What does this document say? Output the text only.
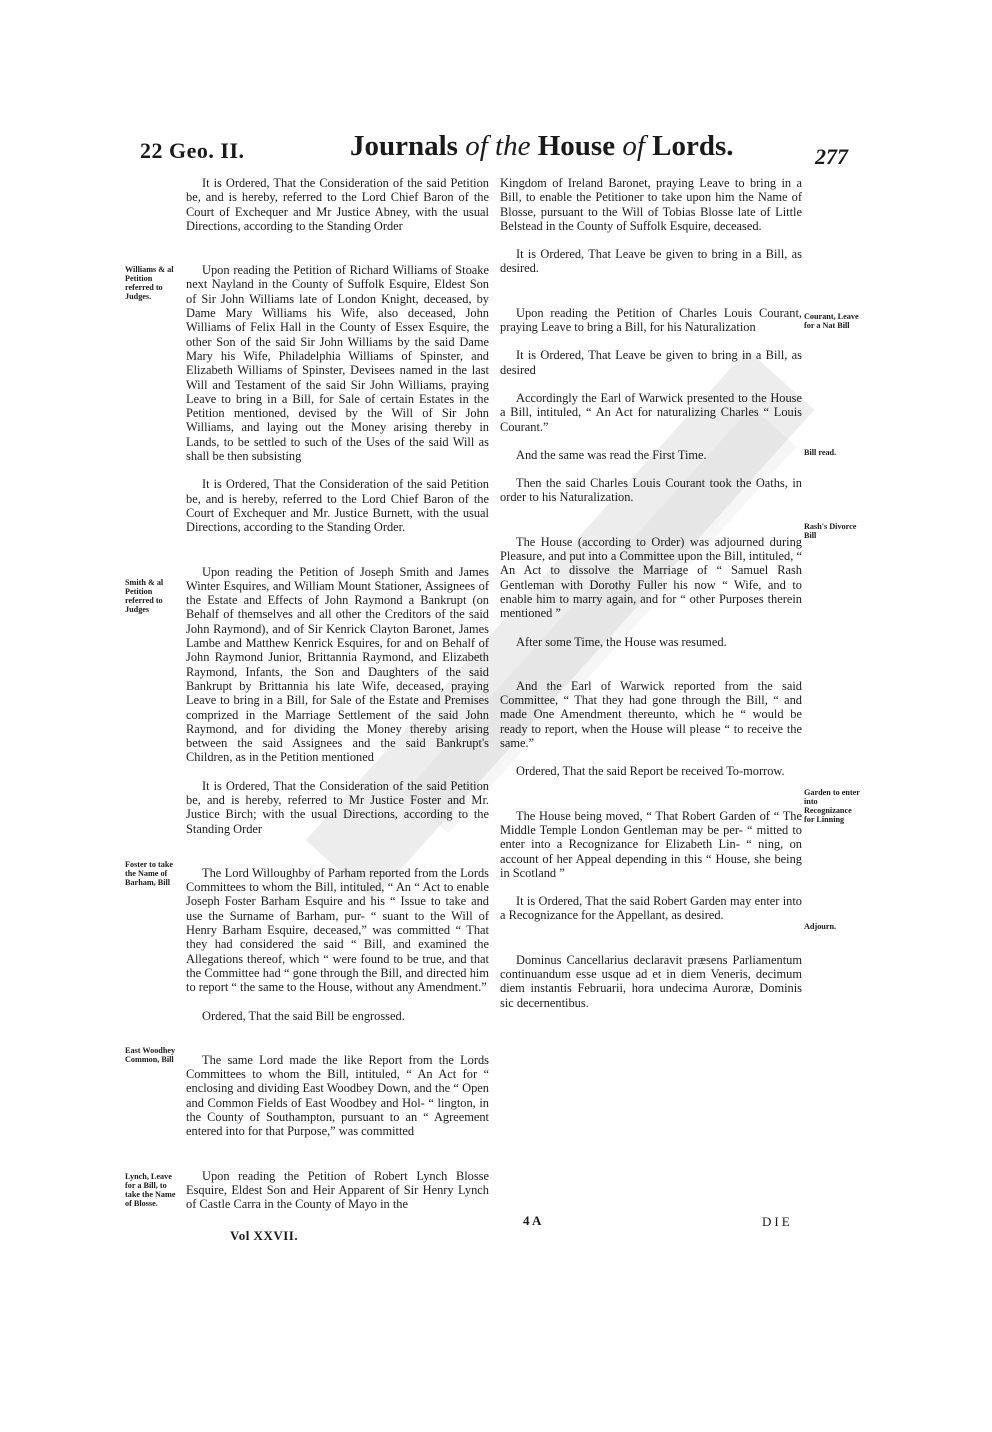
22 Geo. II.	Journals of the House of Lords.	277

It is Ordered, That the Consideration of the said Petition be, and is hereby, referred to the Lord Chief Baron of the Court of Exchequer and Mr Justice Abney, with the usual Directions, according to the Standing Order

Upon reading the Petition of Richard Williams of Stoake next Nayland in the County of Suffolk Esquire, Eldest Son of Sir John Williams late of London Knight, deceased, by Dame Mary Williams his Wife, also deceased, John Williams of Felix Hall in the County of Essex Esquire, the other Son of the said Sir John Williams by the said Dame Mary his Wife, Philadelphia Williams of Spinster, and Elizabeth Williams of Spinster, Devisees named in the last Will and Testament of the said Sir John Williams, praying Leave to bring in a Bill, for Sale of certain Estates in the Petition mentioned, devised by the Will of Sir John Williams, and laying out the Money arising thereby in Lands, to be settled to such of the Uses of the said Will as shall be then subsisting

It is Ordered, That the Consideration of the said Petition be, and is hereby, referred to the Lord Chief Baron of the Court of Exchequer and Mr. Justice Burnett, with the usual Directions, according to the Standing Order.

Upon reading the Petition of Joseph Smith and James Winter Esquires, and William Mount Stationer, Assignees of the Estate and Effects of John Raymond a Bankrupt (on Behalf of themselves and all other the Creditors of the said John Raymond), and of Sir Kenrick Clayton Baronet, James Lambe and Matthew Kenrick Esquires, for and on Behalf of John Raymond Junior, Brittannia Raymond, and Elizabeth Raymond, Infants, the Son and Daughters of the said Bankrupt by Brittannia his late Wife, deceased, praying Leave to bring in a Bill, for Sale of the Estate and Premises comprized in the Marriage Settlement of the said John Raymond, and for dividing the Money thereby arising between the said Assignees and the said Bankrupt's Children, as in the Petition mentioned

It is Ordered, That the Consideration of the said Petition be, and is hereby, referred to Mr Justice Foster and Mr. Justice Birch; with the usual Directions, according to the Standing Order

The Lord Willoughby of Parham reported from the Lords Committees to whom the Bill, intituled, “ An “ Act to enable Joseph Foster Barham Esquire and his “ Issue to take and use the Surname of Barham, pur- “ suant to the Will of Henry Barham Esquire, deceased,” was committed “ That they had considered the said “ Bill, and examined the Allegations thereof, which “ were found to be true, and that the Committee had “ gone through the Bill, and directed him to report “ the same to the House, without any Amendment.”

Ordered, That the said Bill be engrossed.

The same Lord made the like Report from the Lords Committees to whom the Bill, intituled, “ An Act for “ enclosing and dividing East Woodbey Down, and the “ Open and Common Fields of East Woodbey and Hol- “ lington, in the County of Southampton, pursuant to an “ Agreement entered into for that Purpose,” was committed

Upon reading the Petition of Robert Lynch Blosse Esquire, Eldest Son and Heir Apparent of Sir Henry Lynch of Castle Carra in the County of Mayo in the

Kingdom of Ireland Baronet, praying Leave to bring in a Bill, to enable the Petitioner to take upon him the Name of Blosse, pursuant to the Will of Tobias Blosse late of Little Belstead in the County of Suffolk Esquire, deceased.

It is Ordered, That Leave be given to bring in a Bill, as desired.

Upon reading the Petition of Charles Louis Courant, praying Leave to bring a Bill, for his Naturalization

It is Ordered, That Leave be given to bring in a Bill, as desired

Accordingly the Earl of Warwick presented to the House a Bill, intituled, “ An Act for naturalizing Charles “ Louis Courant.”

And the same was read the First Time.

Then the said Charles Louis Courant took the Oaths, in order to his Naturalization.

The House (according to Order) was adjourned during Pleasure, and put into a Committee upon the Bill, intituled, “ An Act to dissolve the Marriage of “ Samuel Rash Gentleman with Dorothy Fuller his now “ Wife, and to enable him to marry again, and for “ other Purposes therein mentioned ”

After some Time, the House was resumed.

And the Earl of Warwick reported from the said Committee, “ That they had gone through the Bill, “ and made One Amendment thereunto, which he “ would be ready to report, when the House will please “ to receive the same.”

Ordered, That the said Report be received To-morrow.

The House being moved, “ That Robert Garden of “ The Middle Temple London Gentleman may be per- “ mitted to enter into a Recognizance for Elizabeth Lin- “ ning, on account of her Appeal depending in this “ House, she being in Scotland ”

It is Ordered, That the said Robert Garden may enter into a Recognizance for the Appellant, as desired.

Dominus Cancellarius declaravit præsens Parliamentum continuandum esse usque ad et in diem Veneris, decimum diem instantis Februarii, hora undecima Auroræ, Dominis sic decernentibus.

Williams & al Petition referred to Judges.
Smith & al Petition referred to Judges
Foster to take the Name of Barham, Bill
East Woodhey Common, Bill
Lynch, Leave for a Bill, to take the Name of Blosse.
Courant, Leave for a Nat Bill
Bill read.
Rash's Divorce Bill
Garden to enter into Recognizance for Linning
Adjourn.
Vol XXVII.
4 A	DIE
